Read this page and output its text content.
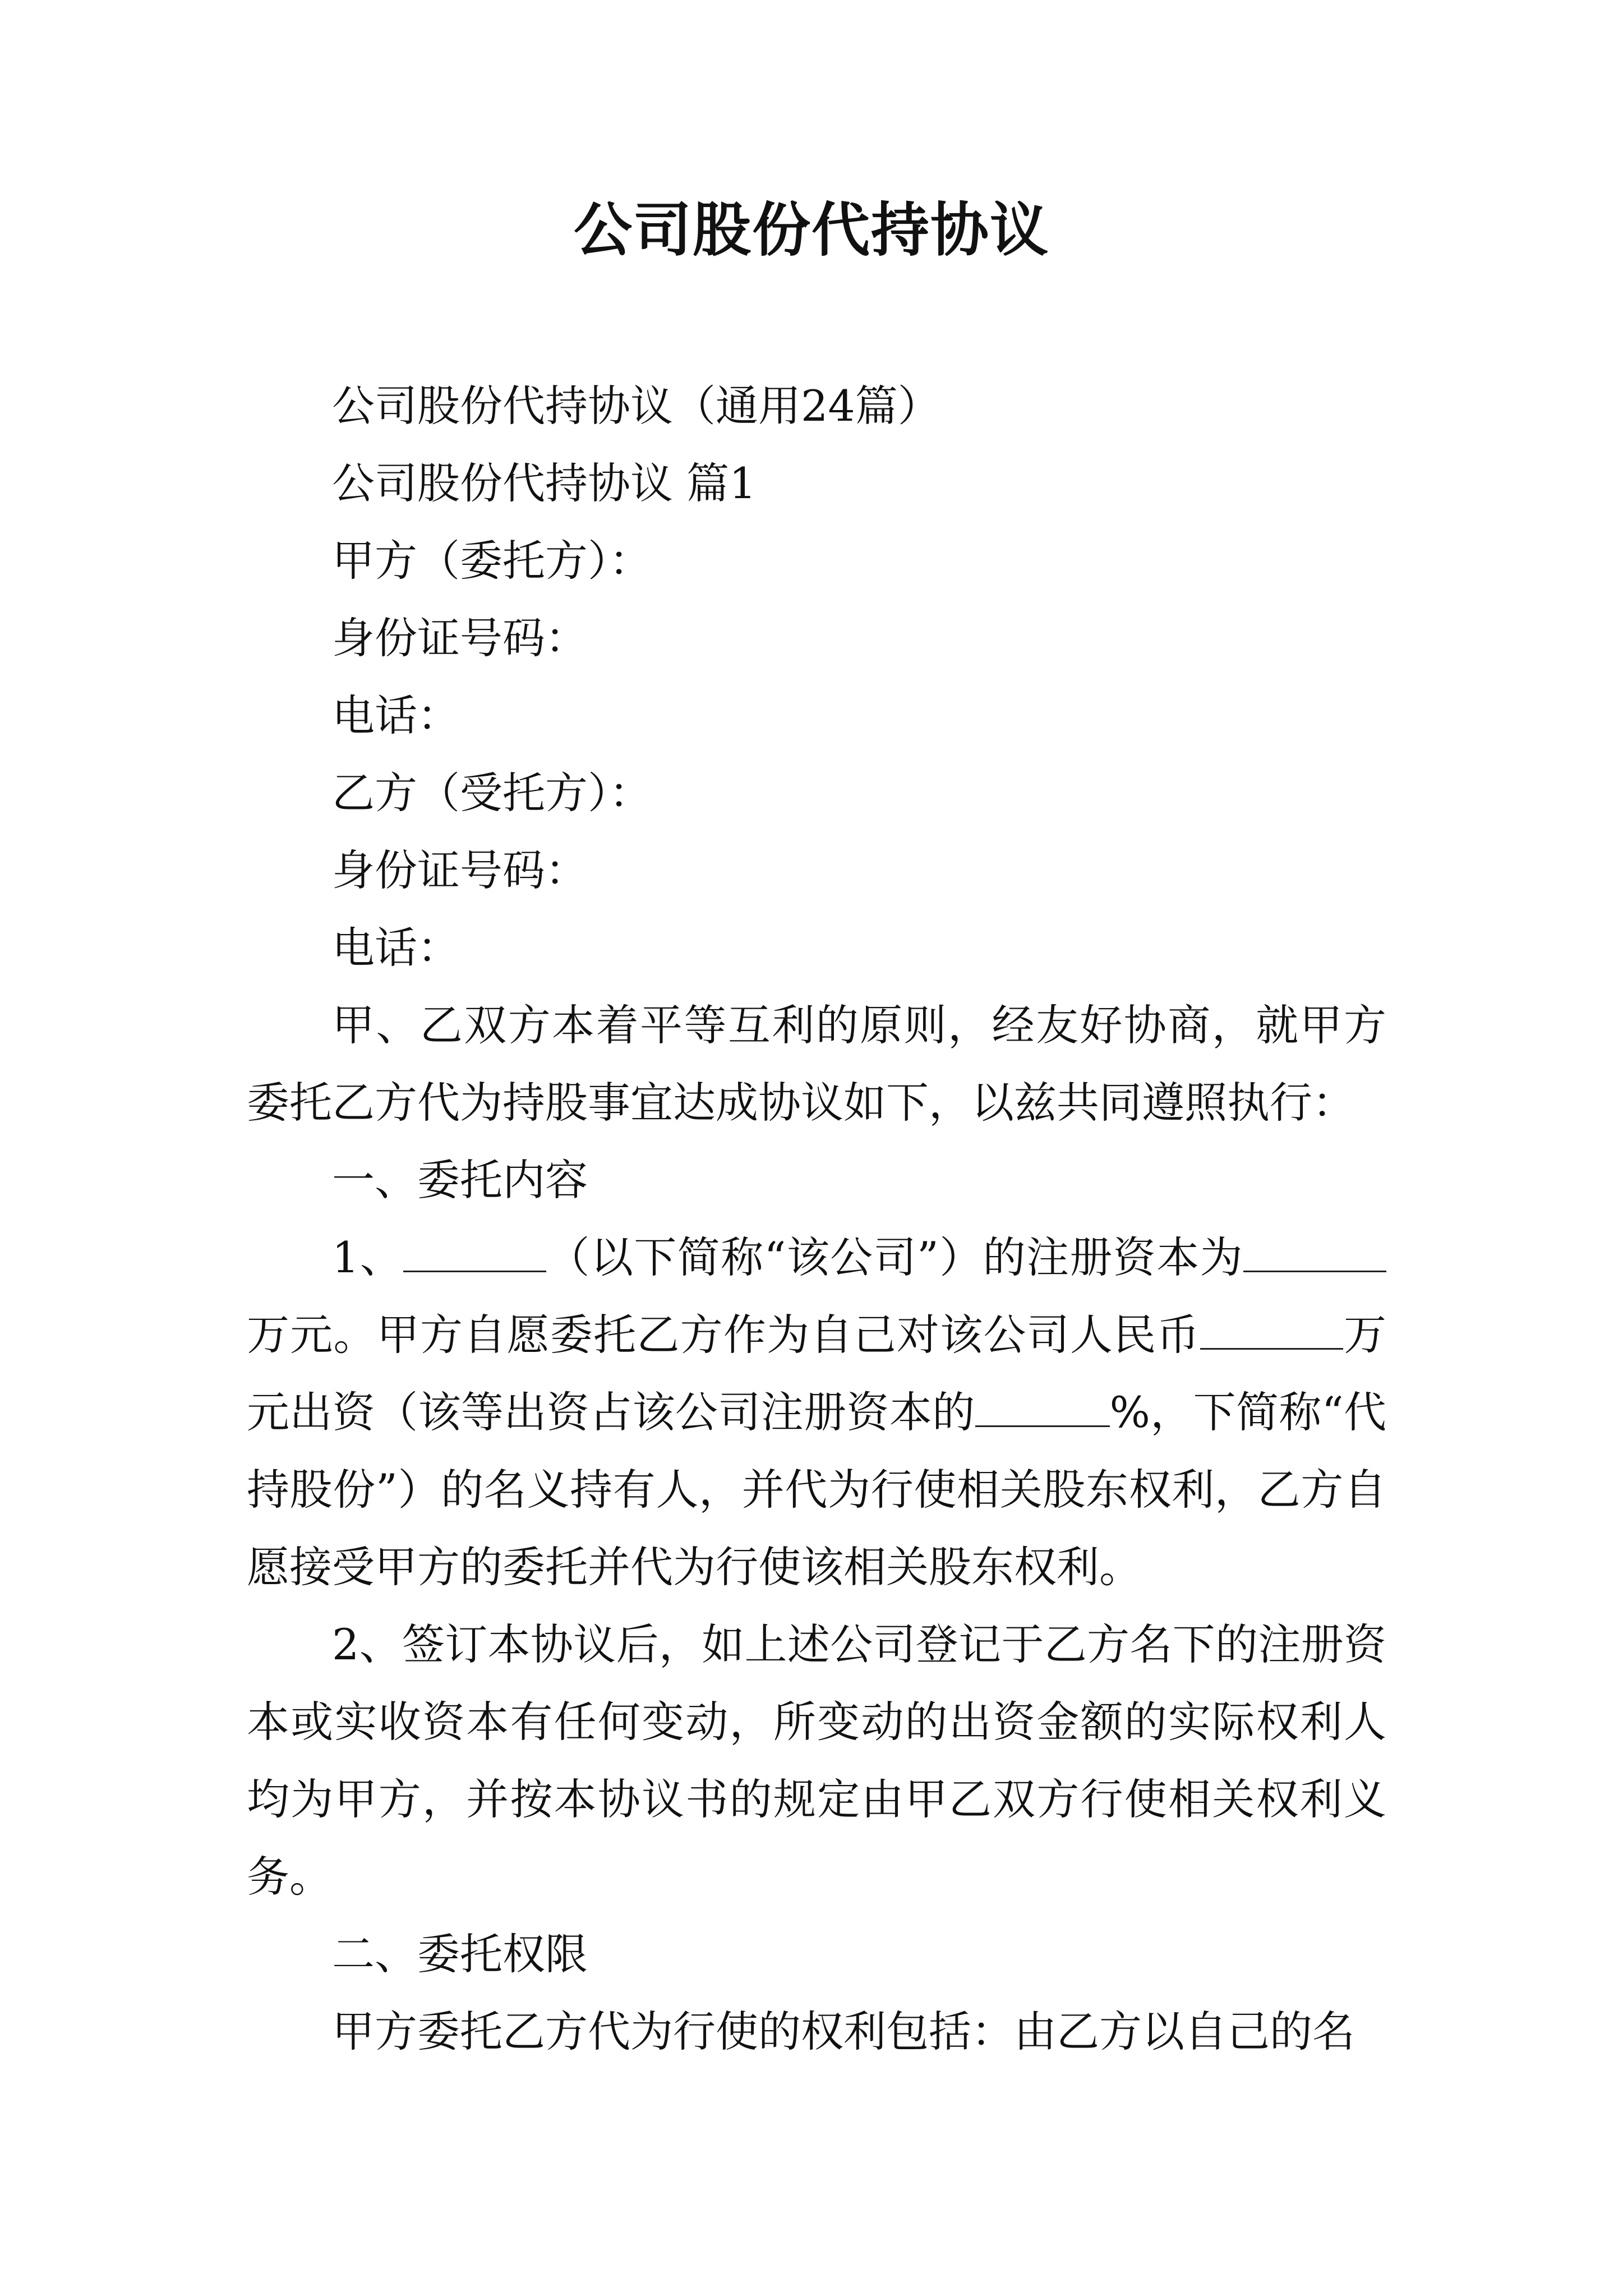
公司股份代持协议

公司股份代持协议（通用24篇）

公司股份代持协议 篇1

甲方（委托方）：

身份证号码：

电话：

乙方（受托方）：

身份证号码：

电话：

甲、乙双方本着平等互利的原则，经友好协商，就甲方委托乙方代为持股事宜达成协议如下，以兹共同遵照执行：

一、委托内容

1、	（以下简称“该公司”）的注册资本为万元。甲方自愿委托乙方作为自己对该公司人民币	万元出资（该等出资占该公司注册资本的	%，下简称“代持股份”）的名义持有人，并代为行使相关股东权利，乙方自愿接受甲方的委托并代为行使该相关股东权利。

2、签订本协议后，如上述公司登记于乙方名下的注册资本或实收资本有任何变动，所变动的出资金额的实际权利人均为甲方，并按本协议书的规定由甲乙双方行使相关权利义务。

二、委托权限

甲方委托乙方代为行使的权利包括：由乙方以自己的名
